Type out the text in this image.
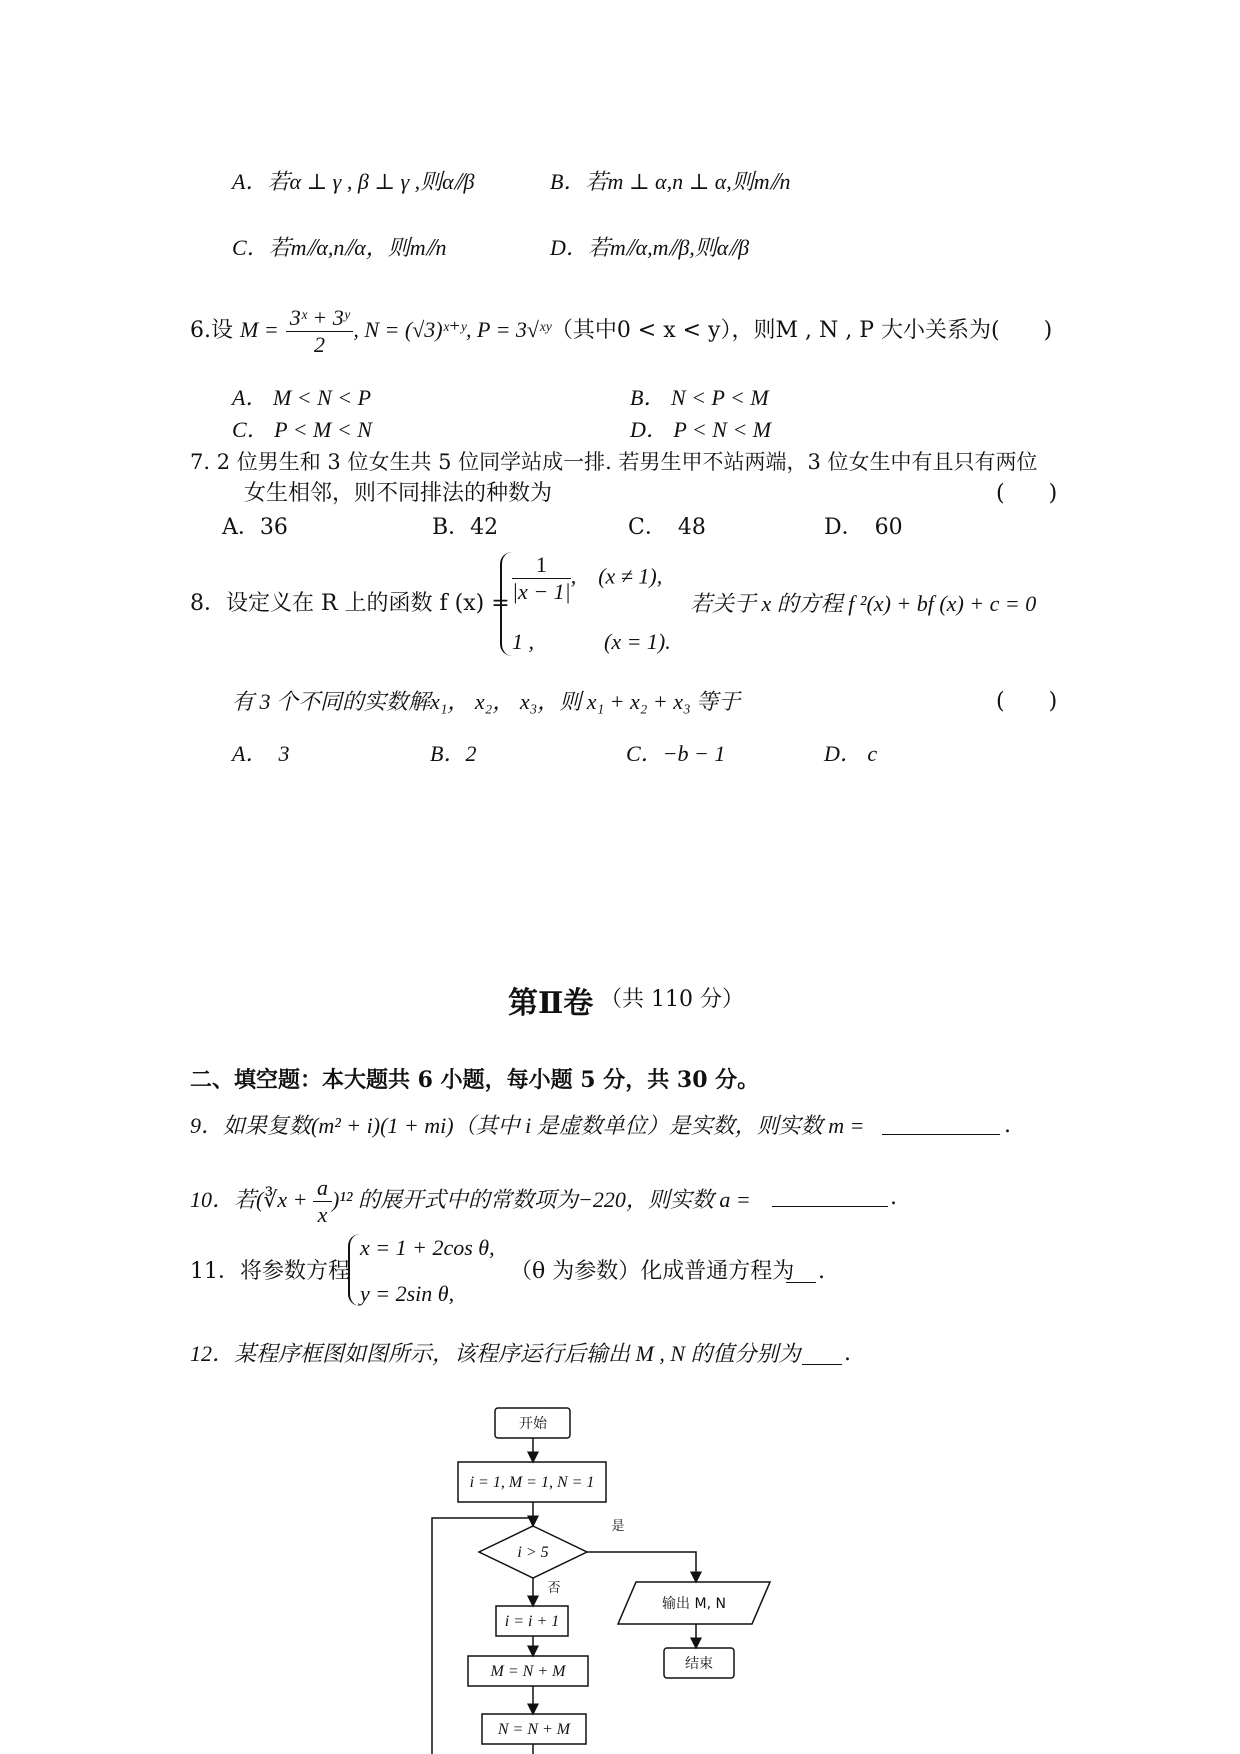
A．若α ⊥ γ , β ⊥ γ ,则α⫽β	B．若m ⊥ α,n ⊥ α,则m⫽n
C．若m⫽α,n⫽α，则m⫽n	D．若m⫽α,m⫽β,则α⫽β
6.设 $M = \frac{\text{3ˣ + 3ʸ}}{2}$ , N = (√3)ˣ⁺ʸ, P = 3√ˣʸ（其中0 < x < y），则M , N , P 大小关系为(　　)
A． M < N < P	B． N < P < M
C． P < M < N	D． P < N < M
7. 2 位男生和 3 位女生共 5 位同学站成一排. 若男生甲不站两端，3 位女生中有且只有两位
女生相邻，则不同排法的种数为	(　　)
A．36	B．42	C．　48	D．　60
8．设定义在 R 上的函数 f $(x) = \frac{1}{|x - 1|}$ ,　(x ≠ 1),
1 ,	(x = 1).
若关于 x 的方程 f ²(x) + bf (x) + c = 0
有 3 个不同的实数解x₁， x₂， x₃，则 x₁ + x₂ + x₃ 等于	(　　)
A．　3	B．2	C．−b − 1	D． c
第Ⅱ卷 （共 110 分）
二、填空题：本大题共 6 小题，每小题 5 分，共 30 分。
9．如果复数(m² + i)(1 + mi)（其中 i 是虚数单位）是实数，则实数 m =	.
10．若(∛x + $\frac{a}{x} )^{12}$ 的展开式中的常数项为−220，则实数 a =	.
11．将参数方程
x = 1 + 2cos θ,
y = 2sin θ,
（θ 为参数）化成普通方程为 .
12．某程序框图如图所示，该程序运行后输出 M , N 的值分别为 .
开始
i = 1, M = 1, N = 1
i > 5
是
否
i = i + 1
M = N + M
N = N + M
输出 M, N
结束
